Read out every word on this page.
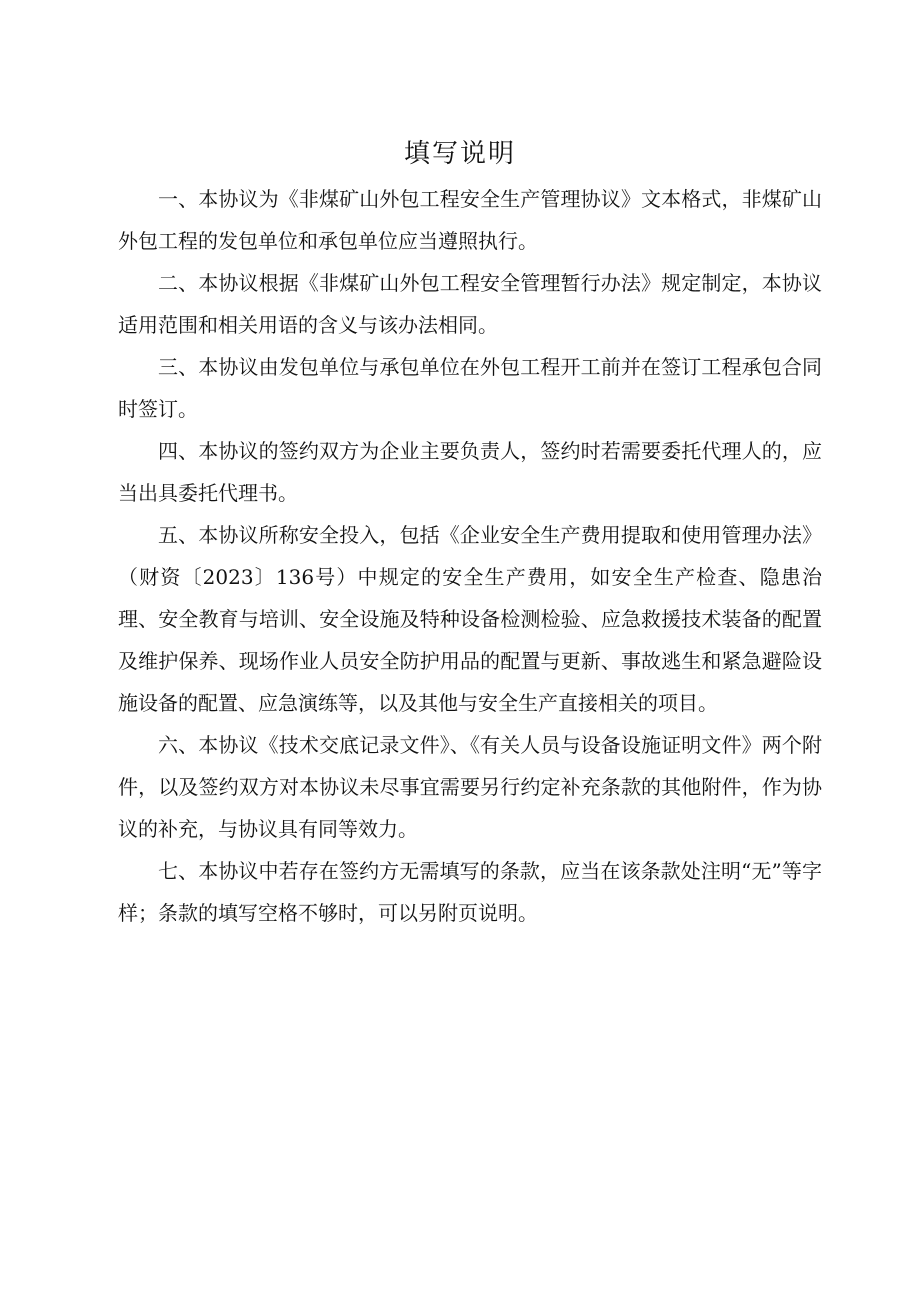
填写说明

一、本协议为《非煤矿山外包工程安全生产管理协议》文本格式，非煤矿山外包工程的发包单位和承包单位应当遵照执行。

二、本协议根据《非煤矿山外包工程安全管理暂行办法》规定制定，本协议适用范围和相关用语的含义与该办法相同。

三、本协议由发包单位与承包单位在外包工程开工前并在签订工程承包合同时签订。

四、本协议的签约双方为企业主要负责人，签约时若需要委托代理人的，应当出具委托代理书。

五、本协议所称安全投入，包括《企业安全生产费用提取和使用管理办法》（财资〔2023〕136号）中规定的安全生产费用，如安全生产检查、隐患治理、安全教育与培训、安全设施及特种设备检测检验、应急救援技术装备的配置及维护保养、现场作业人员安全防护用品的配置与更新、事故逃生和紧急避险设施设备的配置、应急演练等，以及其他与安全生产直接相关的项目。

六、本协议《技术交底记录文件》、《有关人员与设备设施证明文件》两个附件，以及签约双方对本协议未尽事宜需要另行约定补充条款的其他附件，作为协议的补充，与协议具有同等效力。

七、本协议中若存在签约方无需填写的条款，应当在该条款处注明“无”等字样；条款的填写空格不够时，可以另附页说明。
